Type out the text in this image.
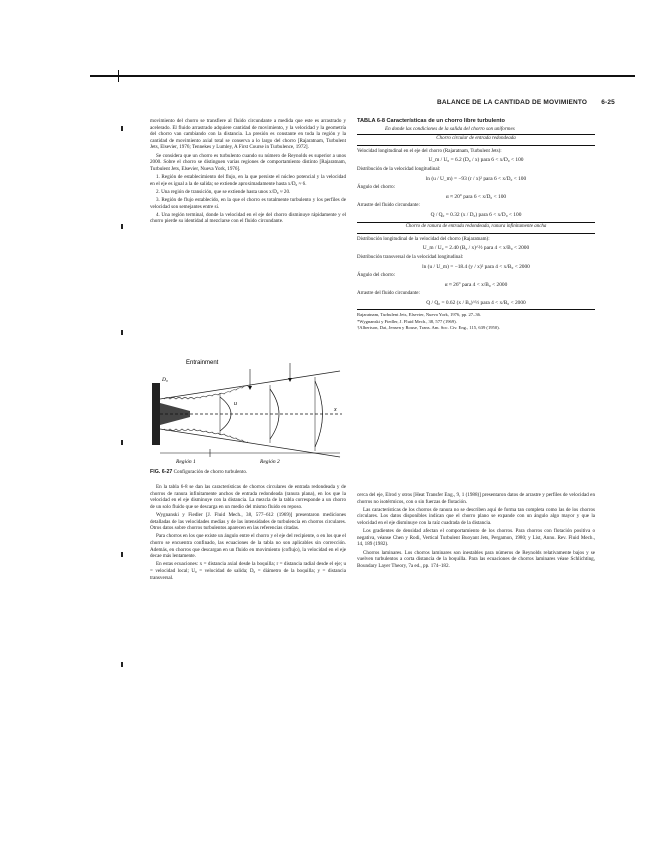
BALANCE DE LA CANTIDAD DE MOVIMIENTO 6-25

movimiento del chorro se transfiere al fluido circundante a medida que este es arrastrado y acelerado. El fluido arrastrado adquiere cantidad de movimiento, y la velocidad y la geometría del chorro van cambiando con la distancia. La presión es constante en toda la región y la cantidad de movimiento axial total se conserva a lo largo del chorro [Rajaratnam, Turbulent Jets, Elsevier, 1976; Tennekes y Lumley, A First Course in Turbulence, 1972].

Se considera que un chorro es turbulento cuando su número de Reynolds es superior a unos 2000. Sobre el chorro se distinguen varias regiones de comportamiento distinto [Rajaratnam, Turbulent Jets, Elsevier, Nueva York, 1976].

1. Región de establecimiento del flujo, en la que persiste el núcleo potencial y la velocidad en el eje es igual a la de salida; se extiende aproximadamente hasta x/D₀ ≈ 6.

2. Una región de transición, que se extiende hasta unos x/D₀ ≈ 20.

3. Región de flujo establecido, en la que el chorro es totalmente turbulento y los perfiles de velocidad son semejantes entre sí.

4. Una región terminal, donde la velocidad en el eje del chorro disminuye rápidamente y el chorro pierde su identidad al mezclarse con el fluido circundante.

Entrainment
Región 1	Región 2
x
u
D₀
FIG. 6-27 Configuración de chorro turbulento.

En la tabla 6-8 se dan las características de chorros circulares de entrada redondeada y de chorros de ranura infinitamente anchos de entrada redondeada (ranura plana), en los que la velocidad en el eje disminuye con la distancia. La mezcla de la tabla corresponde a un chorro de un solo fluido que se descarga en un medio del mismo fluido en reposo.

Wygnanski y Fiedler [J. Fluid Mech., 38, 577–612 (1969)] presentaron mediciones detalladas de las velocidades medias y de las intensidades de turbulencia en chorros circulares. Otros datos sobre chorros turbulentos aparecen en las referencias citadas.

Para chorros en los que existe un ángulo entre el chorro y el eje del recipiente, o en los que el chorro se encuentra confinado, las ecuaciones de la tabla no son aplicables sin corrección. Además, en chorros que descargan en un fluido en movimiento (coflujo), la velocidad en el eje decae más lentamente.

En estas ecuaciones: x = distancia axial desde la boquilla; r = distancia radial desde el eje; u = velocidad local; U₀ = velocidad de salida; D₀ = diámetro de la boquilla; y = distancia transversal.

TABLA 6-8 Características de un chorro libre turbulento
En donde las condiciones de la salida del chorro son uniformes
Chorro circular de entrada redondeada
Velocidad longitudinal en el eje del chorro (Rajaratnam, Turbulent Jets):
U_m / U₀ = 6.2 (D₀ / x) para 6 < x/D₀ < 100
Distribución de la velocidad longitudinal:
ln (u / U_m) = −93 (r / x)² para 6 < x/D₀ < 100
Ángulo del chorro:
α ≈ 20° para 6 < x/D₀ < 100
Arrastre del fluido circundante:
Q / Q₀ = 0.32 (x / D₀) para 6 < x/D₀ < 100
Chorro de ranura de entrada redondeada, ranura infinitamente ancha
Distribución longitudinal de la velocidad del chorro (Rajaratnam):
U_m / U₀ = 2.40 (B₀ / x)^½ para 4 < x/B₀ < 2000
Distribución transversal de la velocidad longitudinal:
ln (u / U_m) = −18.4 (y / x)² para 4 < x/B₀ < 2000
Ángulo del chorro:
α ≈ 26° para 4 < x/B₀ < 2000
Arrastre del fluido circundante:
Q / Q₀ = 0.62 (x / B₀)^½ para 4 < x/B₀ < 2000
Rajaratnam, Turbulent Jets, Elsevier, Nueva York, 1976, pp. 27–36.
*Wygnanski y Fiedler, J. Fluid Mech., 38, 577 (1969).
†Albertson, Dai, Jensen y Rouse, Trans. Am. Soc. Civ. Eng., 115, 639 (1950).

cerca del eje, Elrod y otros [Heat Transfer Eng., 9, 1 (1988)] presentaron datos de arrastre y perfiles de velocidad en chorros no isotérmicos, con o sin fuerzas de flotación.

Las características de los chorros de ranura no se describen aquí de forma tan completa como las de los chorros circulares. Los datos disponibles indican que el chorro plano se expande con un ángulo algo mayor y que la velocidad en el eje disminuye con la raíz cuadrada de la distancia.

Los gradientes de densidad afectan el comportamiento de los chorros. Para chorros con flotación positiva o negativa, véanse Chen y Rodi, Vertical Turbulent Buoyant Jets, Pergamon, 1980; y List, Annu. Rev. Fluid Mech., 14, 189 (1982).

Chorros laminares. Los chorros laminares son inestables para números de Reynolds relativamente bajos y se vuelven turbulentos a corta distancia de la boquilla. Para las ecuaciones de chorros laminares véase Schlichting, Boundary Layer Theory, 7a ed., pp. 174–182.
